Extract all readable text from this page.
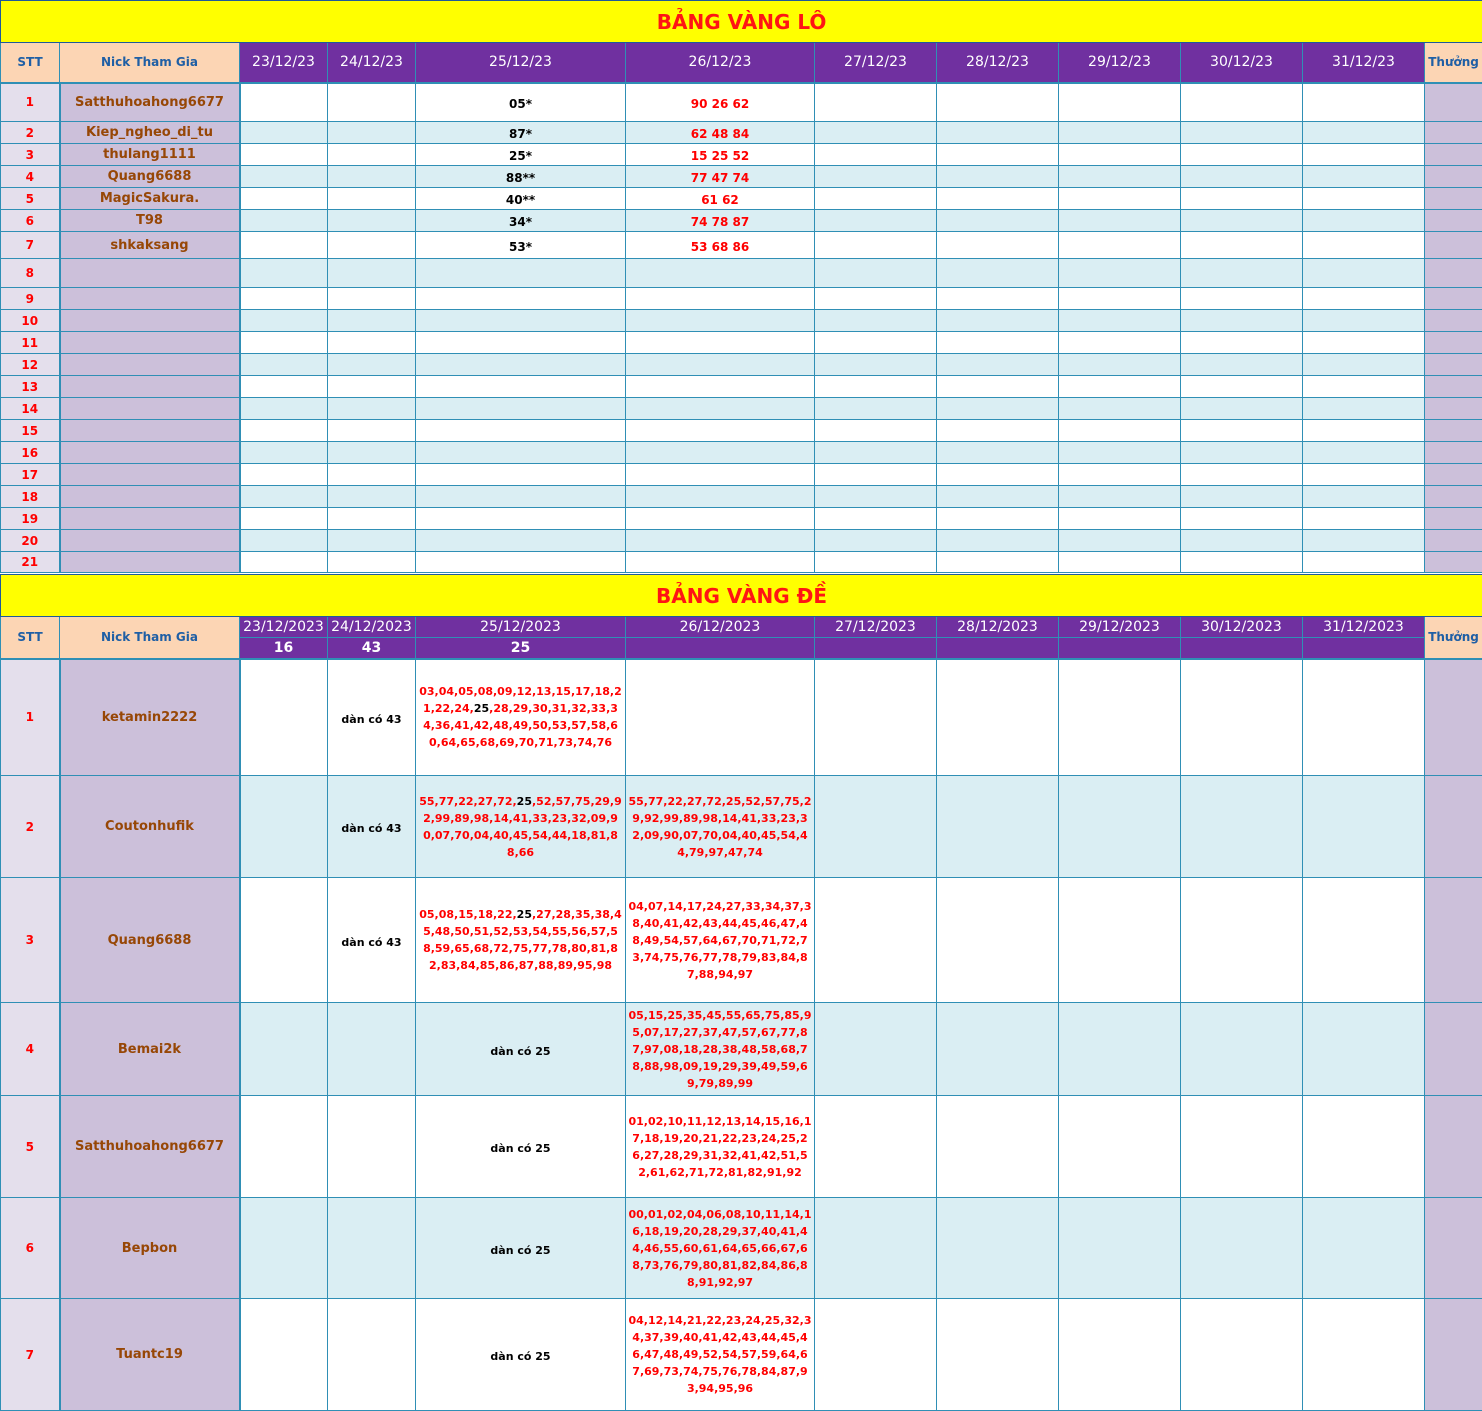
BẢNG VÀNG LÔ											
STT	Nick Tham Gia	23/12/23	24/12/23	25/12/23	26/12/23	27/12/23	28/12/23	29/12/23	30/12/23	31/12/23	Thưởng
1	Satthuhoahong6677			05*	90 26 62						
2	Kiep_ngheo_di_tu			87*	62 48 84						
3	thulang1111			25*	15 25 52						
4	Quang6688			88**	77 47 74						
5	MagicSakura.			40**	61 62						
6	T98			34*	74 78 87						
7	shkaksang			53*	53 68 86						
8											
9											
10											
11											
12											
13											
14											
15											
16											
17											
18											
19											
20											
21											
BẢNG VÀNG ĐỀ											
STT	Nick Tham Gia	23/12/2023	24/12/2023	25/12/2023	26/12/2023	27/12/2023	28/12/2023	29/12/2023	30/12/2023	31/12/2023	Thưởng
		16	43	25							
1	ketamin2222		dàn có 43	03,04,05,08,09,12,13,15,17,18,21,22,24,25,28,29,30,31,32,33,34,36,41,42,48,49,50,53,57,58,60,64,65,68,69,70,71,73,74,76							

2	Coutonhufik		dàn có 43	55,77,22,27,72,25,52,57,75,29,92,99,89,98,14,41,33,23,32,09,90,07,70,04,40,45,54,44,18,81,88,66	55,77,22,27,72,25,52,57,75,29,92,99,89,98,14,41,33,23,32,09,90,07,70,04,40,45,54,44,79,97,47,74						

3	Quang6688		dàn có 43	05,08,15,18,22,25,27,28,35,38,45,48,50,51,52,53,54,55,56,57,58,59,65,68,72,75,77,78,80,81,82,83,84,85,86,87,88,89,95,98	04,07,14,17,24,27,33,34,37,38,40,41,42,43,44,45,46,47,48,49,54,57,64,67,70,71,72,73,74,75,76,77,78,79,83,84,87,88,94,97						

4	Bemai2k			dàn có 25	05,15,25,35,45,55,65,75,85,95,07,17,27,37,47,57,67,77,87,97,08,18,28,38,48,58,68,78,88,98,09,19,29,39,49,59,69,79,89,99						

5	Satthuhoahong6677			dàn có 25	01,02,10,11,12,13,14,15,16,17,18,19,20,21,22,23,24,25,26,27,28,29,31,32,41,42,51,52,61,62,71,72,81,82,91,92						

6	Bepbon			dàn có 25	00,01,02,04,06,08,10,11,14,16,18,19,20,28,29,37,40,41,44,46,55,60,61,64,65,66,67,68,73,76,79,80,81,82,84,86,88,91,92,97						

7	Tuantc19			dàn có 25	04,12,14,21,22,23,24,25,32,34,37,39,40,41,42,43,44,45,46,47,48,49,52,54,57,59,64,67,69,73,74,75,76,78,84,87,93,94,95,96						
